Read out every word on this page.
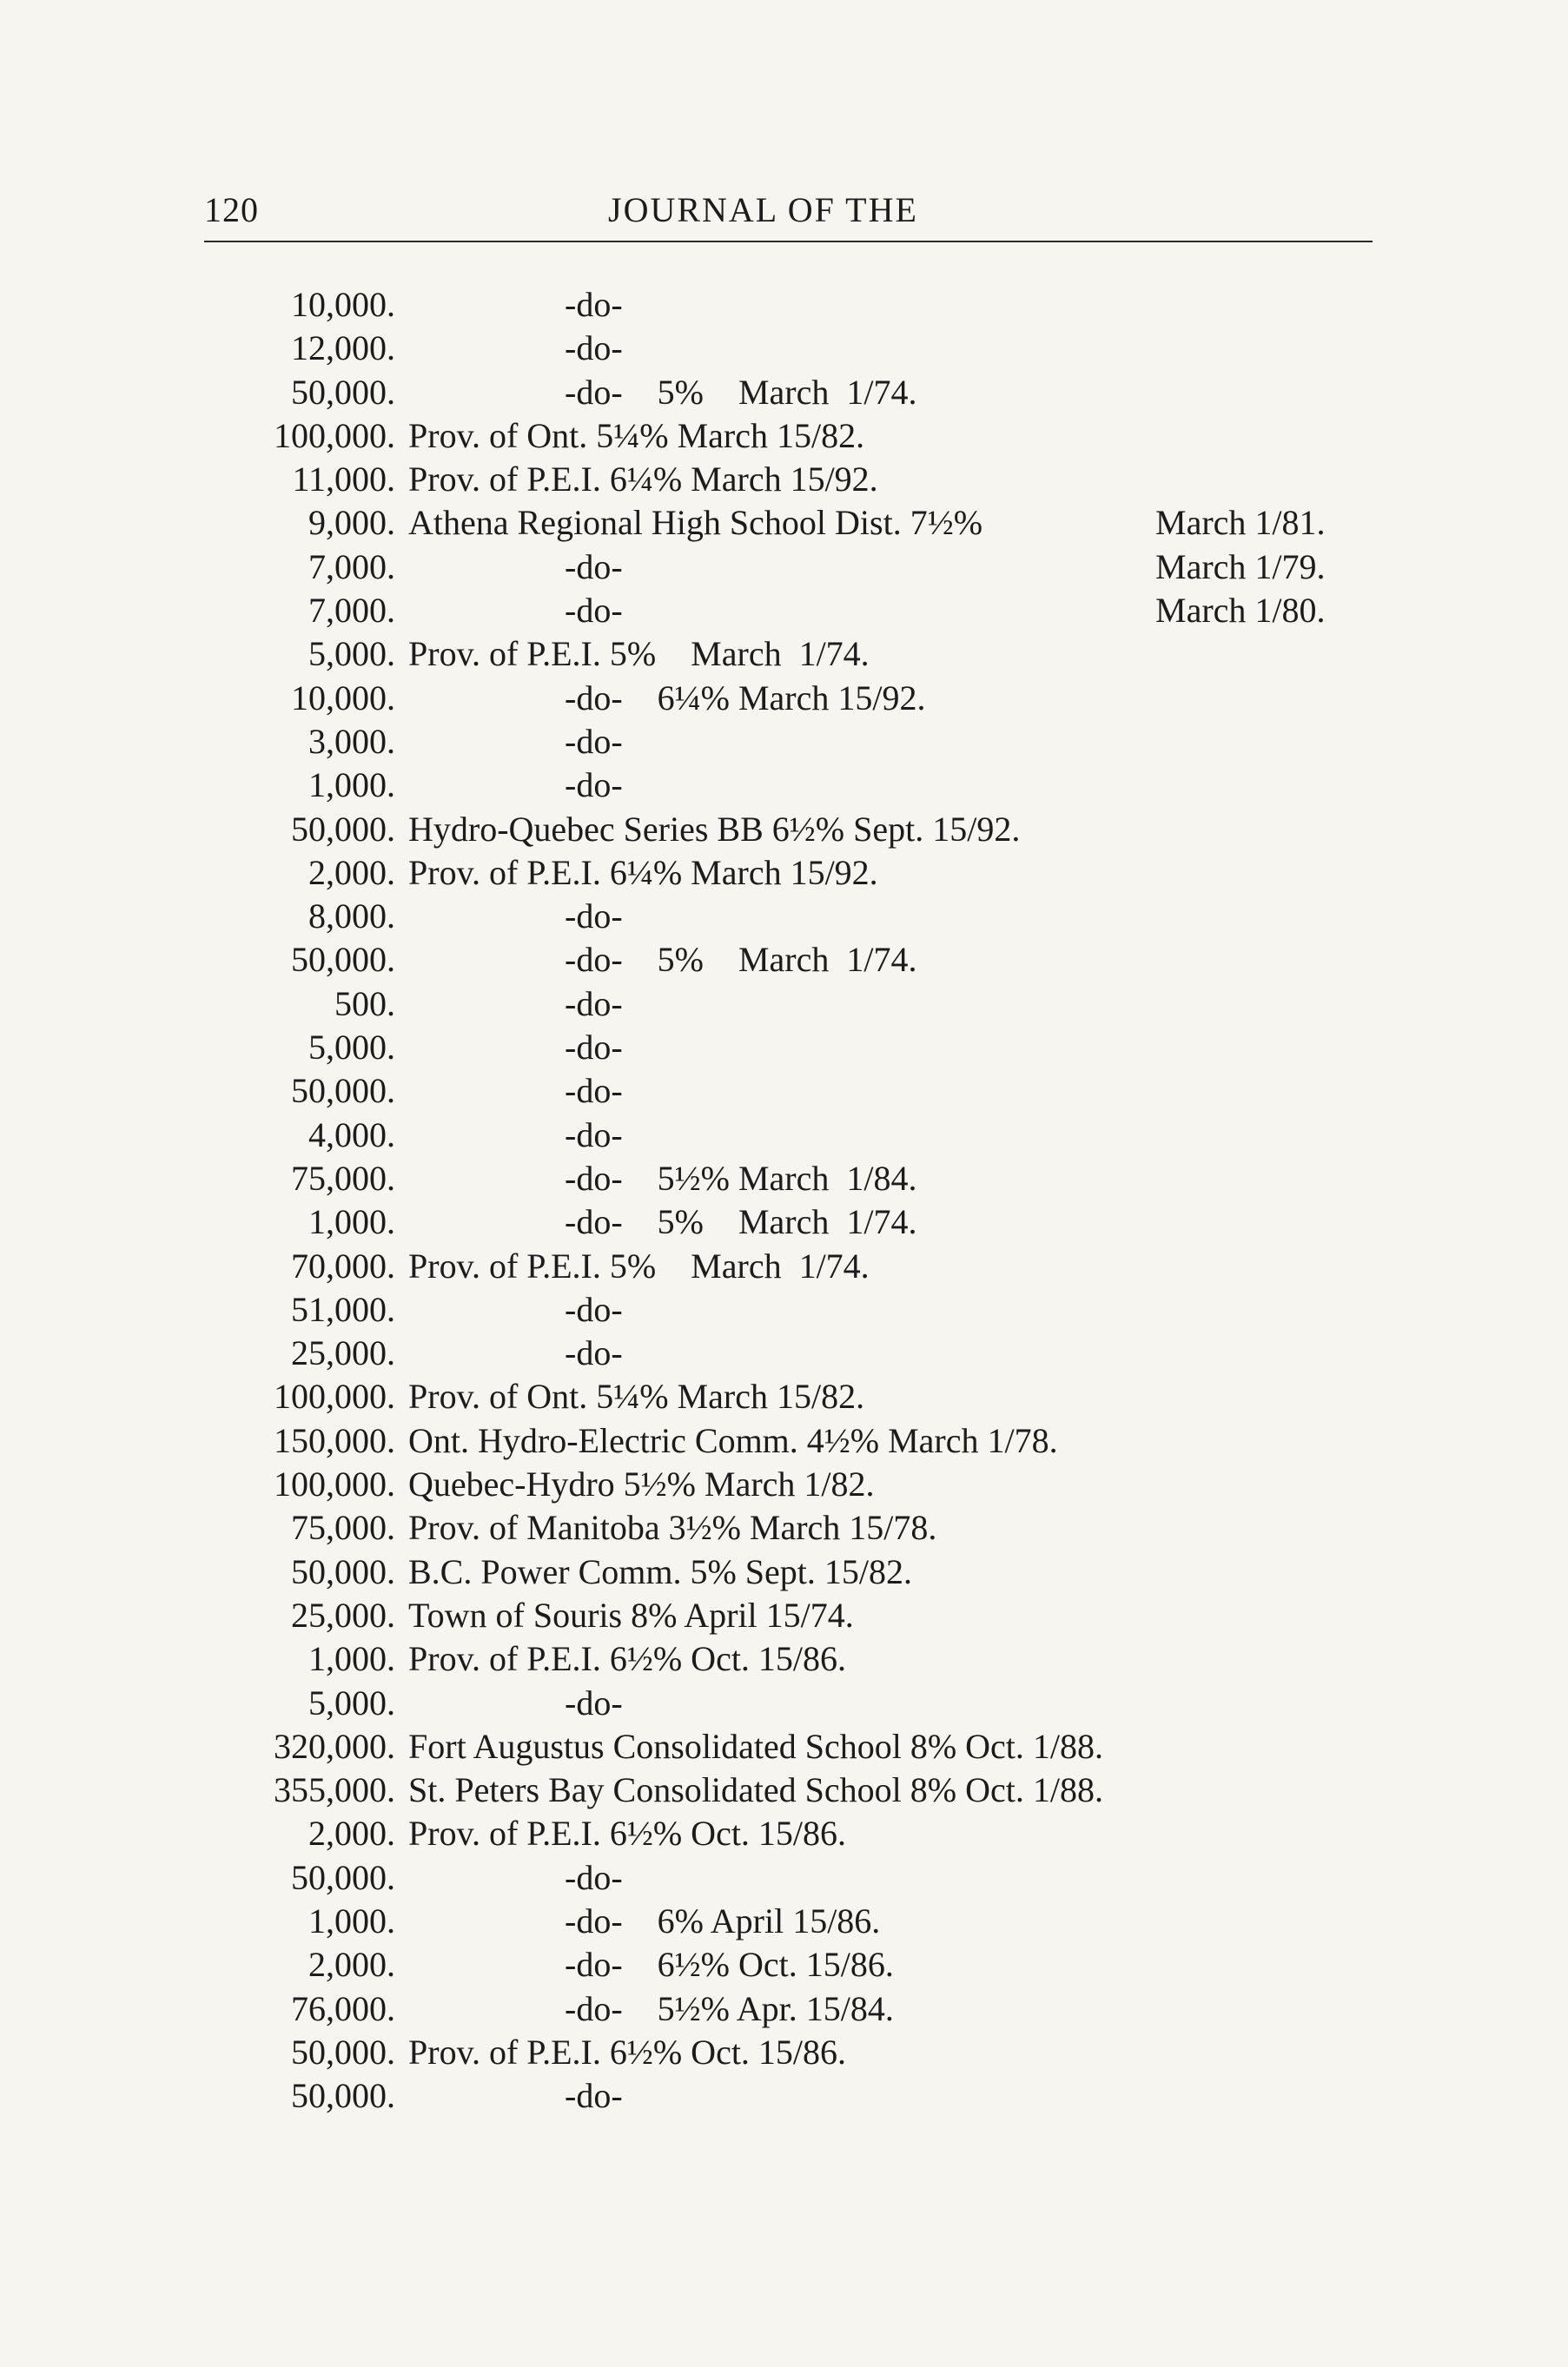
120	JOURNAL OF THE
10,000.	-do-
12,000.	-do-
50,000.	-do-    5%    March  1/74.
100,000. Prov. of Ont. 5¼% March 15/82.
11,000. Prov. of P.E.I. 6¼% March 15/92.
9,000. Athena Regional High School Dist. 7½%	March 1/81.
7,000.	-do-	March 1/79.
7,000.	-do-	March 1/80.
5,000. Prov. of P.E.I. 5%    March  1/74.
10,000.	-do-    6¼% March 15/92.
3,000.	-do-
1,000.	-do-
50,000. Hydro-Quebec Series BB 6½% Sept. 15/92.
2,000. Prov. of P.E.I. 6¼% March 15/92.
8,000.	-do-
50,000.	-do-    5%    March  1/74.
500.	-do-
5,000.	-do-
50,000.	-do-
4,000.	-do-
75,000.	-do-    5½% March  1/84.
1,000.	-do-    5%    March  1/74.
70,000. Prov. of P.E.I. 5%    March  1/74.
51,000.	-do-
25,000.	-do-
100,000. Prov. of Ont. 5¼% March 15/82.
150,000. Ont. Hydro-Electric Comm. 4½% March 1/78.
100,000. Quebec-Hydro 5½% March 1/82.
75,000. Prov. of Manitoba 3½% March 15/78.
50,000. B.C. Power Comm. 5% Sept. 15/82.
25,000. Town of Souris 8% April 15/74.
1,000. Prov. of P.E.I. 6½% Oct. 15/86.
5,000.	-do-
320,000. Fort Augustus Consolidated School 8% Oct. 1/88.
355,000. St. Peters Bay Consolidated School 8% Oct. 1/88.
2,000. Prov. of P.E.I. 6½% Oct. 15/86.
50,000.	-do-
1,000.	-do-    6% April 15/86.
2,000.	-do-    6½% Oct. 15/86.
76,000.	-do-    5½% Apr. 15/84.
50,000. Prov. of P.E.I. 6½% Oct. 15/86.
50,000.	-do-
